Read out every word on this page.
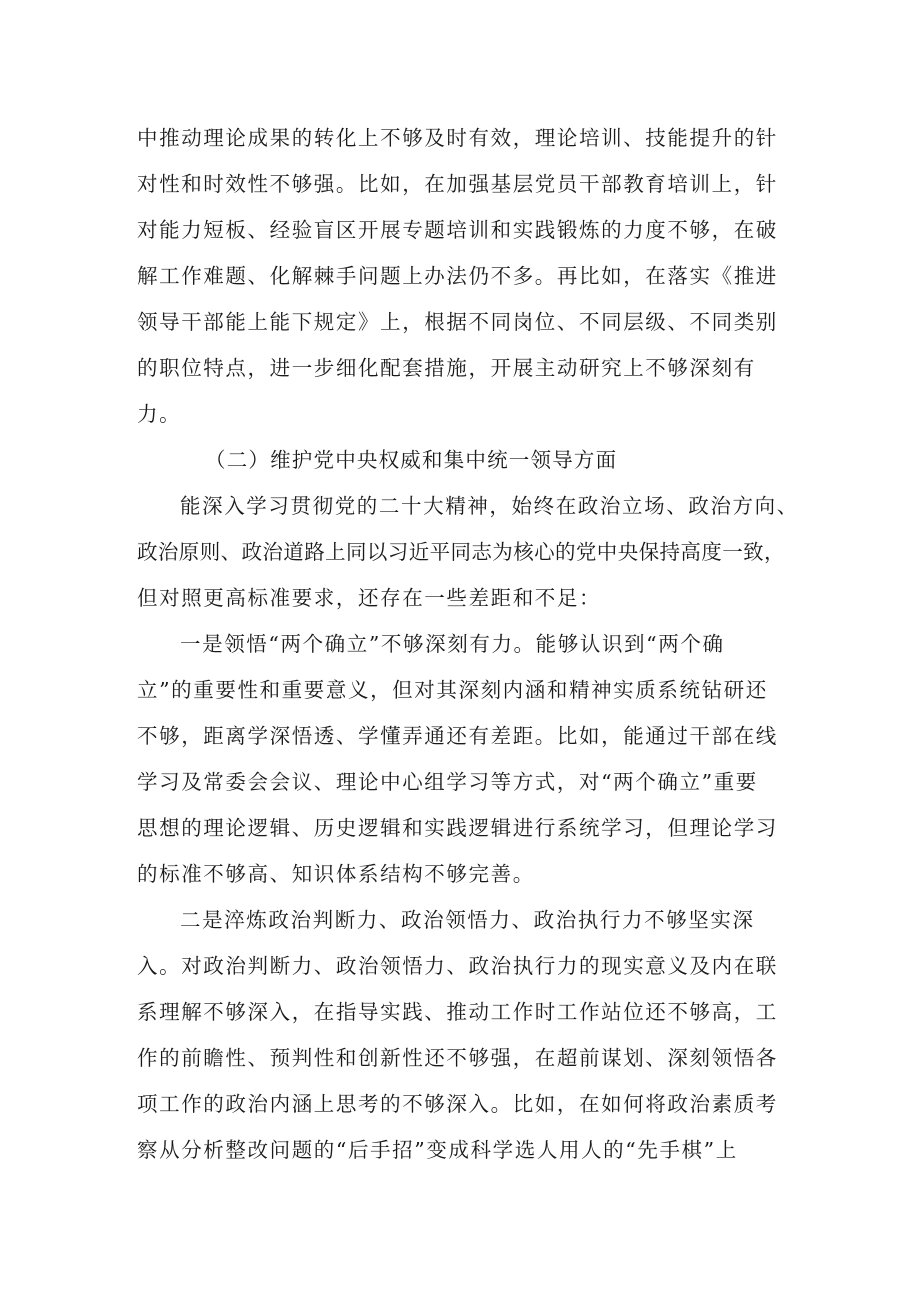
中推动理论成果的转化上不够及时有效，理论培训、技能提升的针

对性和时效性不够强。比如，在加强基层党员干部教育培训上，针

对能力短板、经验盲区开展专题培训和实践锻炼的力度不够，在破

解工作难题、化解棘手问题上办法仍不多。再比如，在落实《推进

领导干部能上能下规定》上，根据不同岗位、不同层级、不同类别

的职位特点，进一步细化配套措施，开展主动研究上不够深刻有

力。

（二）维护党中央权威和集中统一领导方面

能深入学习贯彻党的二十大精神，始终在政治立场、政治方向、

政治原则、政治道路上同以习近平同志为核心的党中央保持高度一致，

但对照更高标准要求，还存在一些差距和不足：

一是领悟“两个确立”不够深刻有力。能够认识到“两个确

立”的重要性和重要意义，但对其深刻内涵和精神实质系统钻研还

不够，距离学深悟透、学懂弄通还有差距。比如，能通过干部在线

学习及常委会会议、理论中心组学习等方式，对“两个确立”重要

思想的理论逻辑、历史逻辑和实践逻辑进行系统学习，但理论学习

的标准不够高、知识体系结构不够完善。

二是淬炼政治判断力、政治领悟力、政治执行力不够坚实深

入。对政治判断力、政治领悟力、政治执行力的现实意义及内在联

系理解不够深入，在指导实践、推动工作时工作站位还不够高，工

作的前瞻性、预判性和创新性还不够强，在超前谋划、深刻领悟各

项工作的政治内涵上思考的不够深入。比如，在如何将政治素质考

察从分析整改问题的“后手招”变成科学选人用人的“先手棋”上
